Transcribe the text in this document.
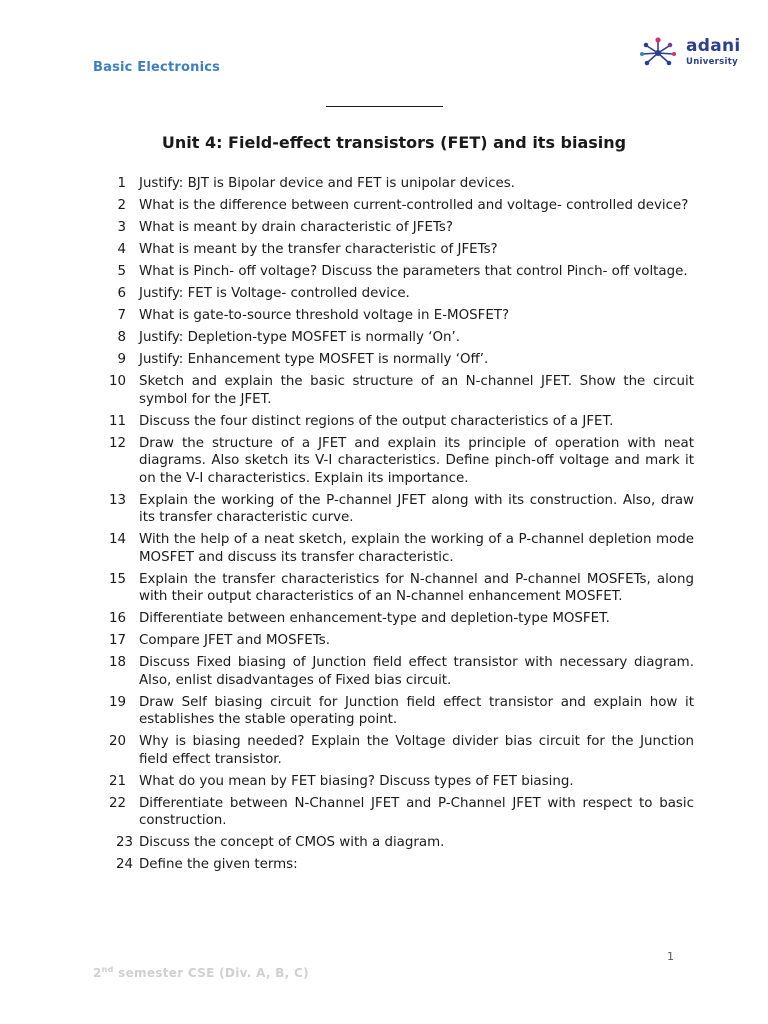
Basic Electronics
adani
University
Unit 4: Field-effect transistors (FET) and its biasing
1 Justify: BJT is Bipolar device and FET is unipolar devices.
2 What is the difference between current-controlled and voltage- controlled device?
3 What is meant by drain characteristic of JFETs?
4 What is meant by the transfer characteristic of JFETs?
5 What is Pinch- off voltage? Discuss the parameters that control Pinch- off voltage.
6 Justify: FET is Voltage- controlled device.
7 What is gate-to-source threshold voltage in E-MOSFET?
8 Justify: Depletion-type MOSFET is normally ‘On’.
9 Justify: Enhancement type MOSFET is normally ‘Off’.
10 Sketch and explain the basic structure of an N-channel JFET. Show the circuit symbol for the JFET.
11 Discuss the four distinct regions of the output characteristics of a JFET.
12 Draw the structure of a JFET and explain its principle of operation with neat diagrams. Also sketch its V-I characteristics. Define pinch-off voltage and mark it on the V-I characteristics. Explain its importance.
13 Explain the working of the P-channel JFET along with its construction. Also, draw its transfer characteristic curve.
14 With the help of a neat sketch, explain the working of a P-channel depletion mode MOSFET and discuss its transfer characteristic.
15 Explain the transfer characteristics for N-channel and P-channel MOSFETs, along with their output characteristics of an N-channel enhancement MOSFET.
16 Differentiate between enhancement-type and depletion-type MOSFET.
17 Compare JFET and MOSFETs.
18 Discuss Fixed biasing of Junction field effect transistor with necessary diagram. Also, enlist disadvantages of Fixed bias circuit.
19 Draw Self biasing circuit for Junction field effect transistor and explain how it establishes the stable operating point.
20 Why is biasing needed? Explain the Voltage divider bias circuit for the Junction field effect transistor.
21 What do you mean by FET biasing? Discuss types of FET biasing.
22 Differentiate between N-Channel JFET and P-Channel JFET with respect to basic construction.
23 Discuss the concept of CMOS with a diagram.
24 Define the given terms:
1
2nd semester CSE (Div. A, B, C)
